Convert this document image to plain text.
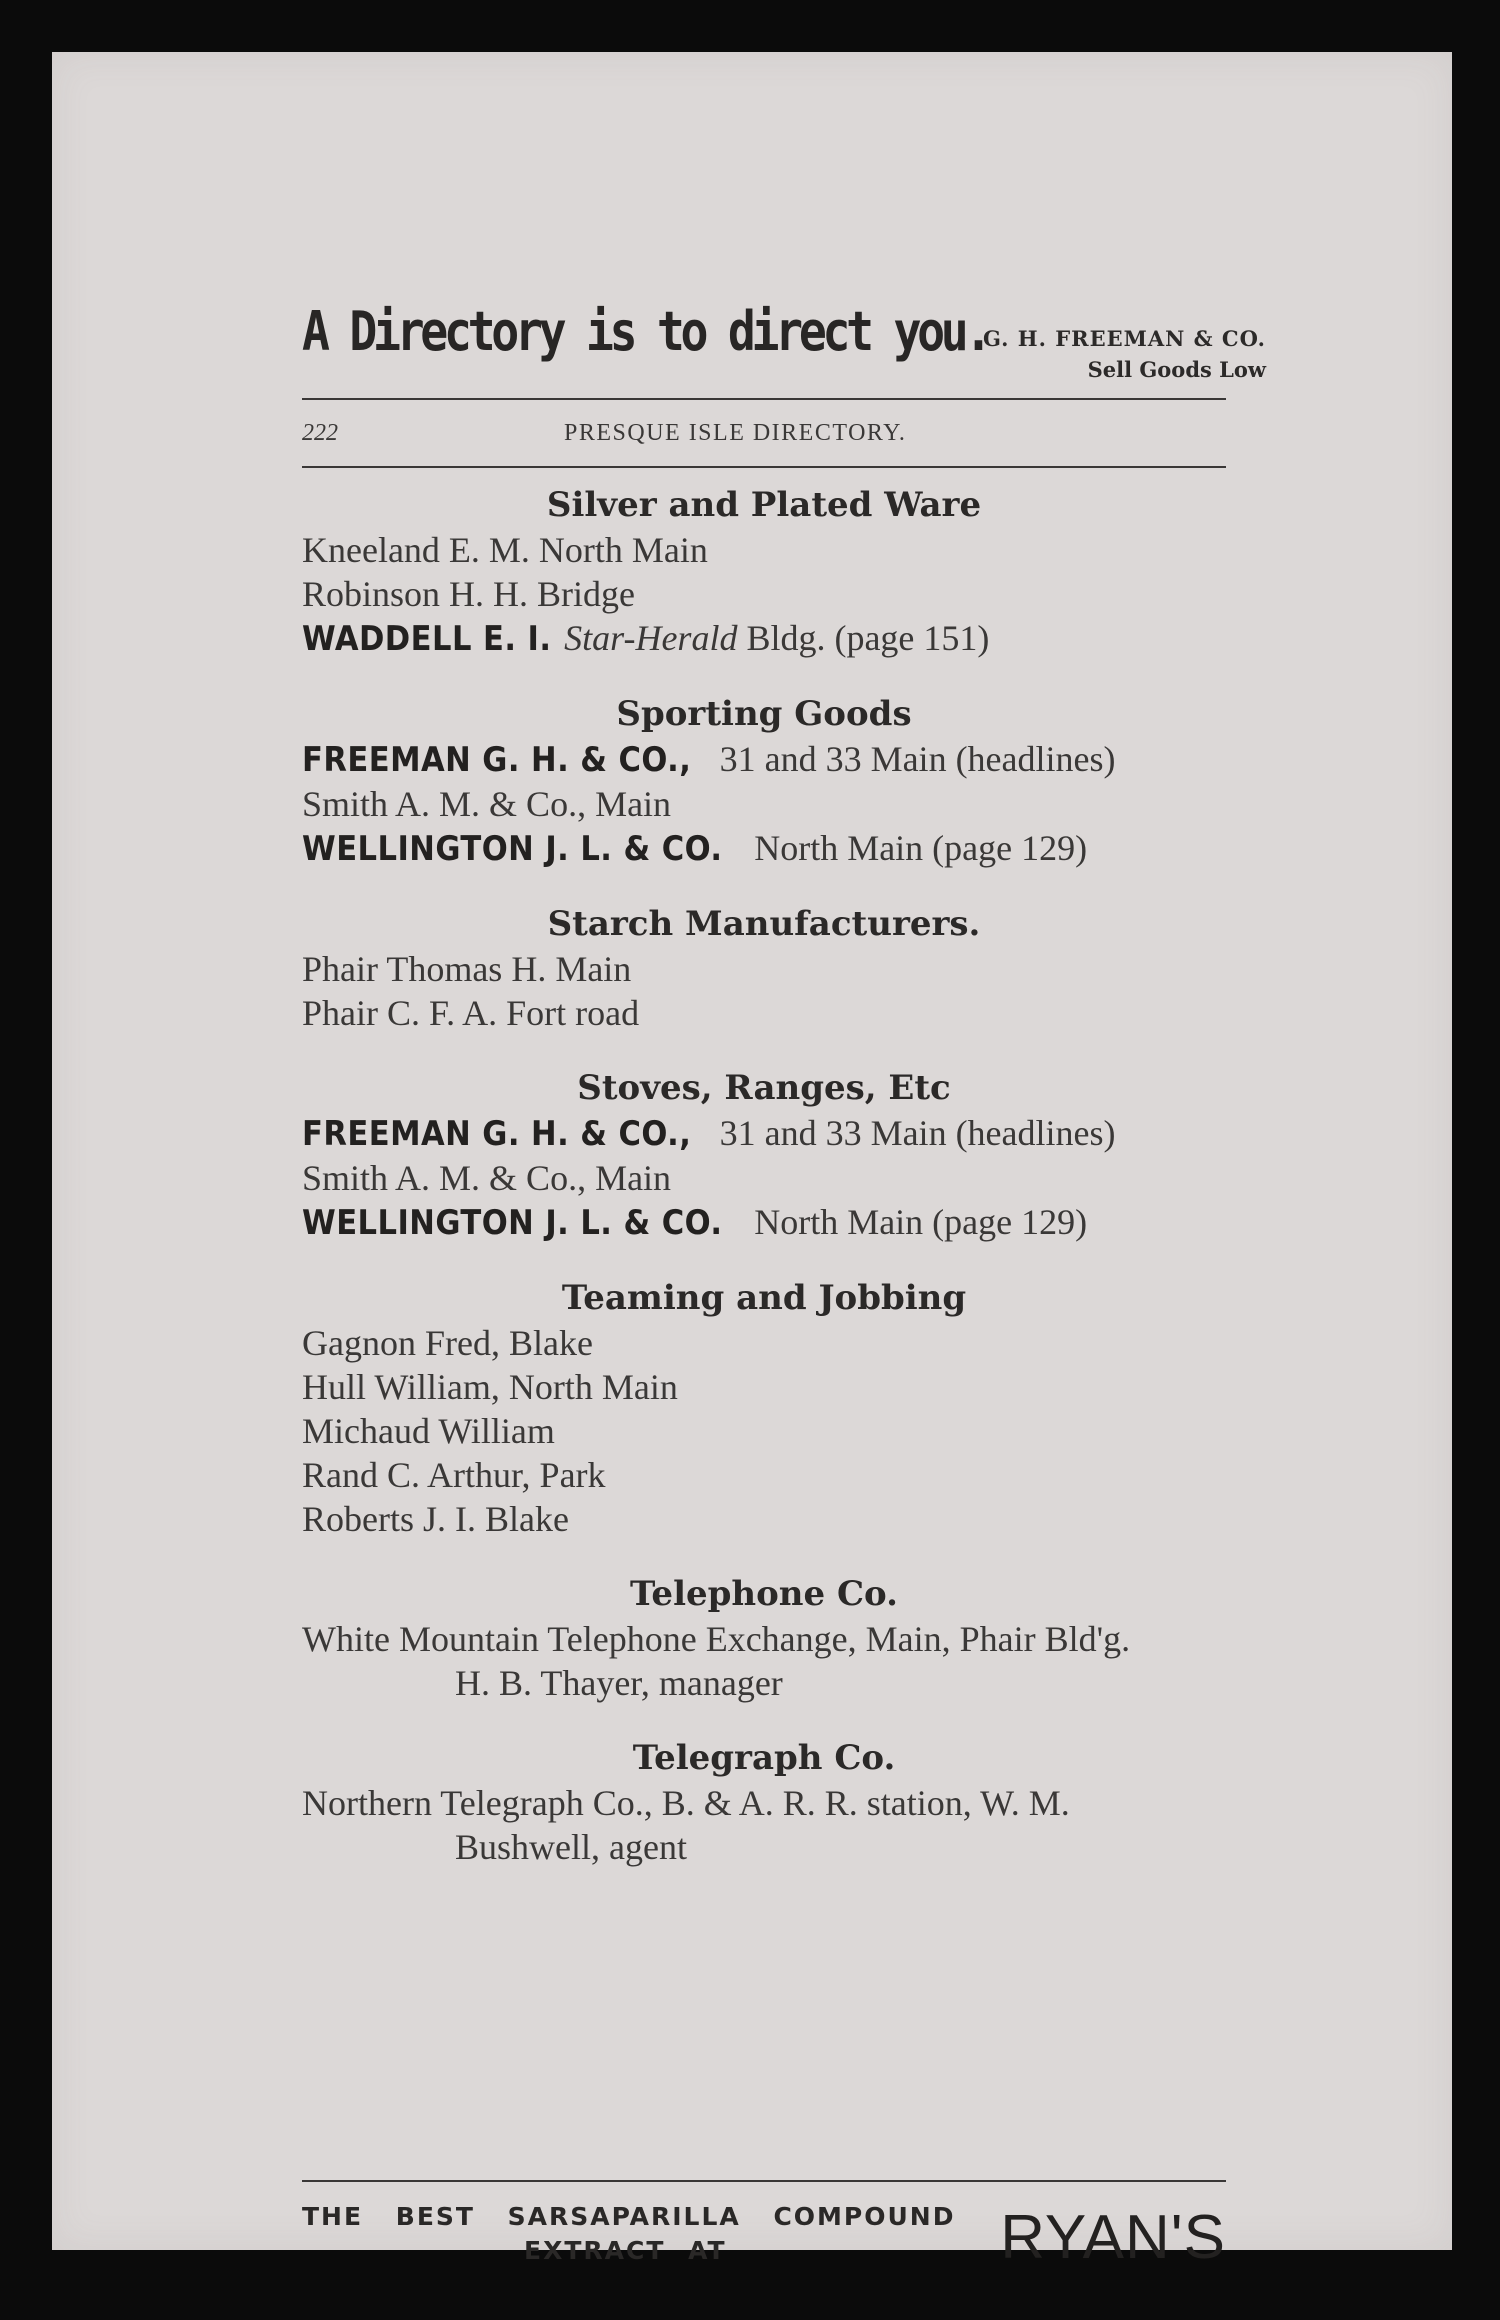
A Directory is to direct you.
G. H. FREEMAN & CO.
Sell Goods Low
222	PRESQUE ISLE DIRECTORY.
Silver and Plated Ware
Kneeland E. M. North Main
Robinson H. H. Bridge
WADDELL E. I. Star-Herald Bldg. (page 151)
Sporting Goods
FREEMAN G. H. & CO., 31 and 33 Main (headlines)
Smith A. M. & Co., Main
WELLINGTON J. L. & CO. North Main (page 129)
Starch Manufacturers.
Phair Thomas H. Main
Phair C. F. A. Fort road
Stoves, Ranges, Etc
FREEMAN G. H. & CO., 31 and 33 Main (headlines)
Smith A. M. & Co., Main
WELLINGTON J. L. & CO. North Main (page 129)
Teaming and Jobbing
Gagnon Fred, Blake
Hull William, North Main
Michaud William
Rand C. Arthur, Park
Roberts J. I. Blake
Telephone Co.
White Mountain Telephone Exchange, Main, Phair Bld'g.
H. B. Thayer, manager
Telegraph Co.
Northern Telegraph Co., B. & A. R. R. station, W. M.
Bushwell, agent
THE BEST SARSAPARILLA COMPOUND
EXTRACT AT	RYAN'S
